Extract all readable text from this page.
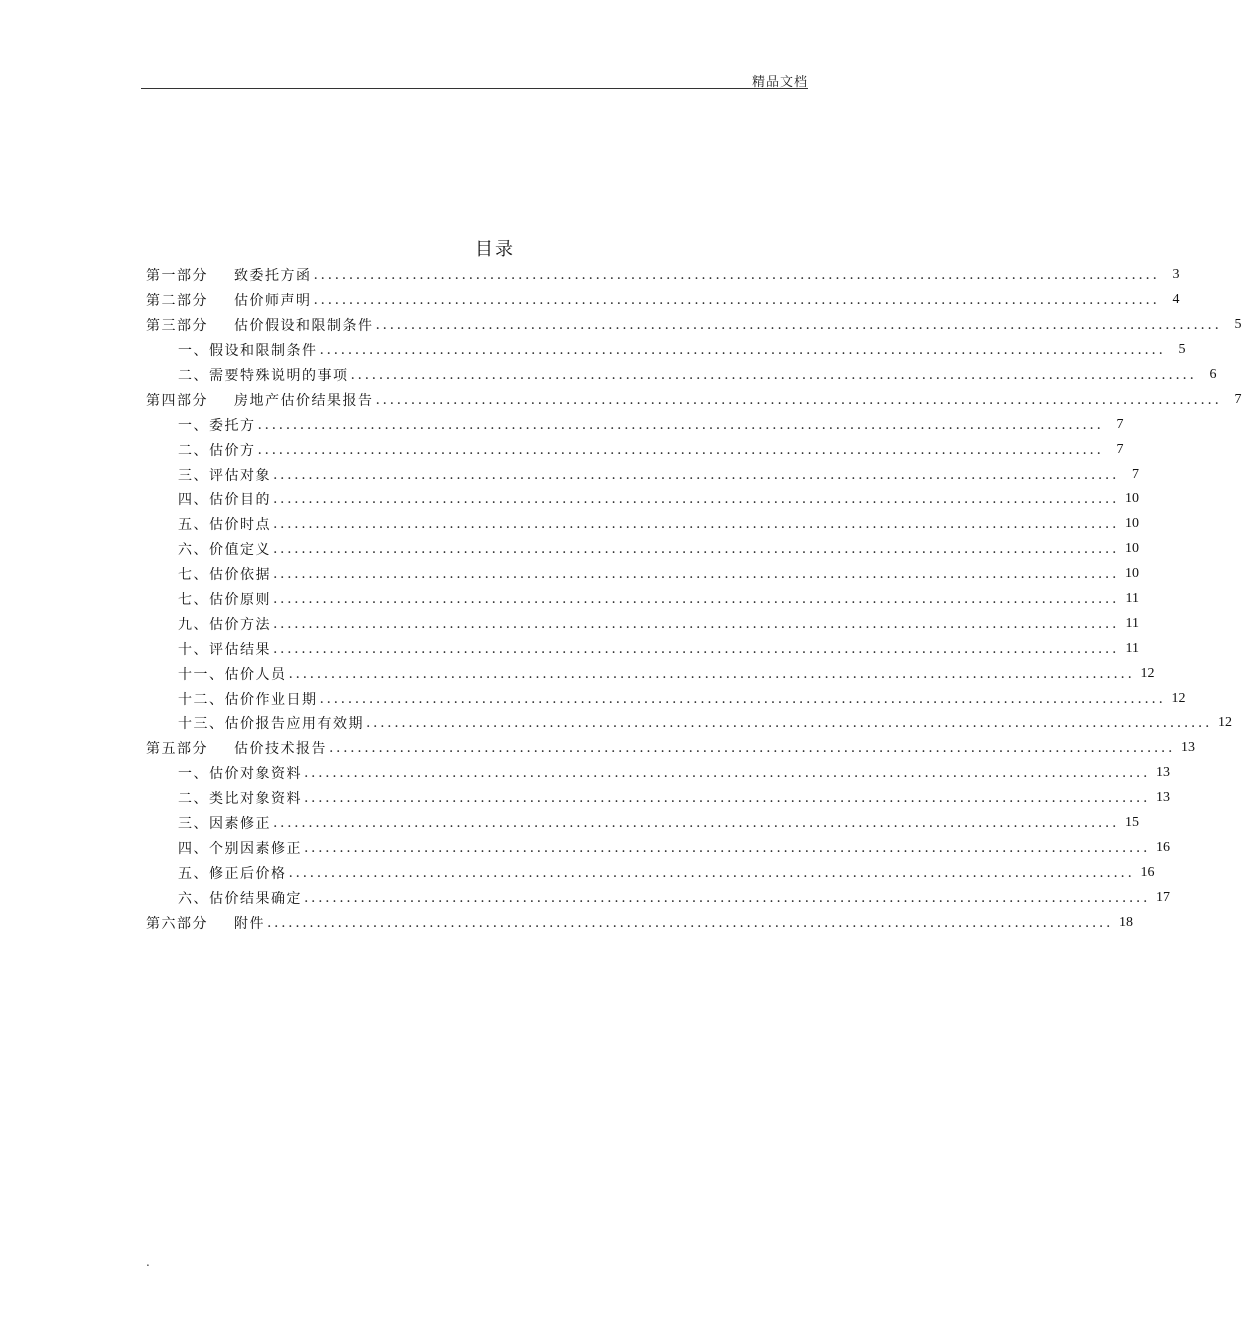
精品文档
目录
第一部分 致委托方函 ........................................................................................................................ 3
第二部分 估价师声明 ........................................................................................................................ 4
第三部分 估价假设和限制条件 ........................................................................................................................ 5
一、假设和限制条件 ........................................................................................................................ 5
二、需要特殊说明的事项 ........................................................................................................................ 6
第四部分 房地产估价结果报告 ........................................................................................................................ 7
一、委托方 ........................................................................................................................ 7
二、估价方 ........................................................................................................................ 7
三、评估对象 ........................................................................................................................ 7
四、估价目的 ........................................................................................................................ 10
五、估价时点 ........................................................................................................................ 10
六、价值定义 ........................................................................................................................ 10
七、估价依据 ........................................................................................................................ 10
七、估价原则 ........................................................................................................................ 11
九、估价方法 ........................................................................................................................ 11
十、评估结果 ........................................................................................................................ 11
十一、估价人员 ........................................................................................................................ 12
十二、估价作业日期 ........................................................................................................................ 12
十三、估价报告应用有效期 ........................................................................................................................ 12
第五部分 估价技术报告 ........................................................................................................................ 13
一、估价对象资料 ........................................................................................................................ 13
二、类比对象资料 ........................................................................................................................ 13
三、因素修正 ........................................................................................................................ 15
四、个别因素修正 ........................................................................................................................ 16
五、修正后价格 ........................................................................................................................ 16
六、估价结果确定 ........................................................................................................................ 17
第六部分 附件 ........................................................................................................................ 18
.
